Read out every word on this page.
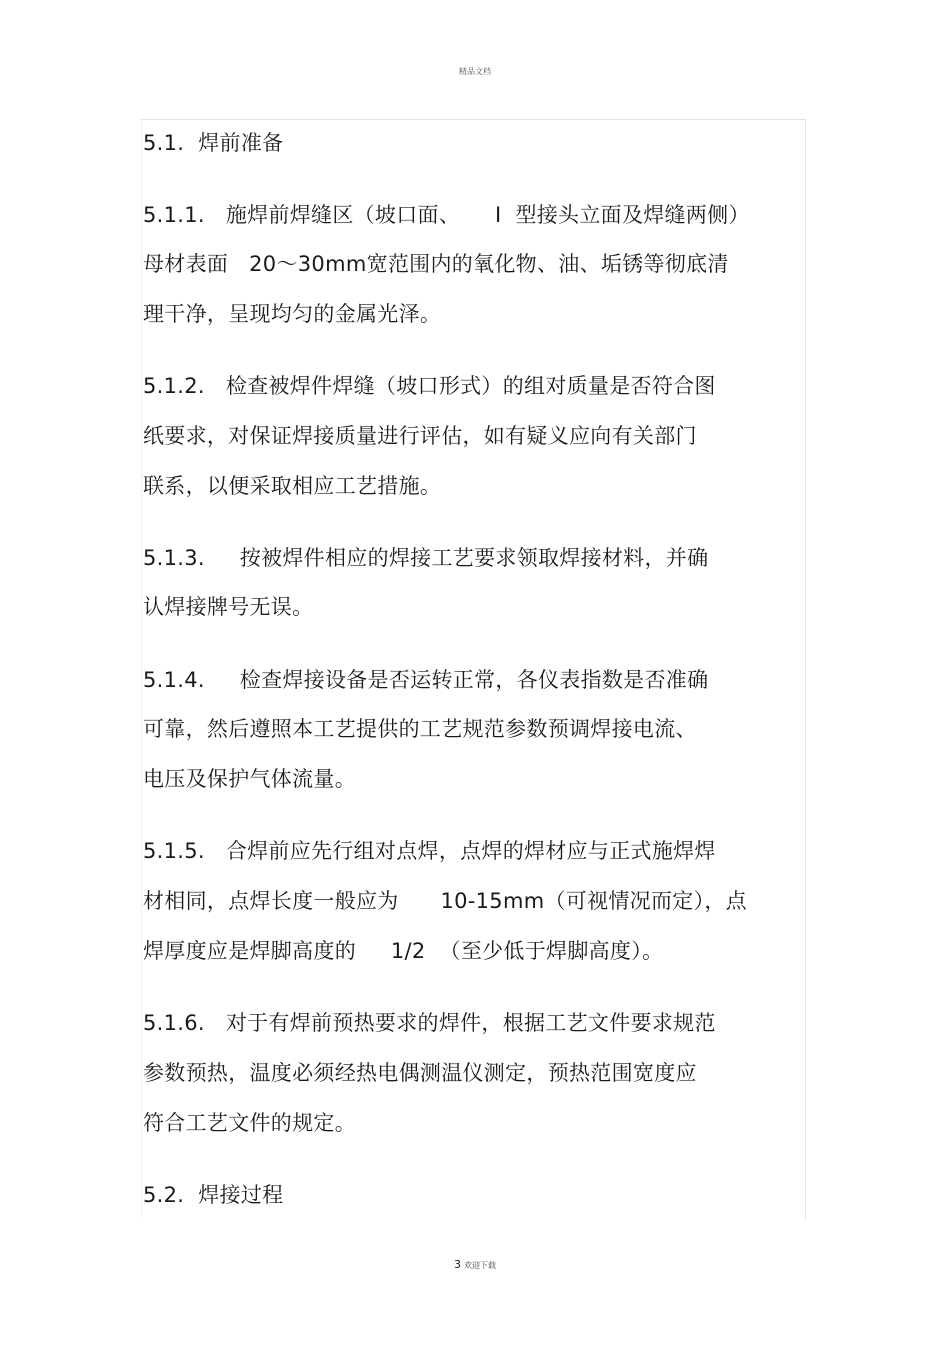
精品文档
5.1.  焊前准备
5.1.1.   施焊前焊缝区（坡口面、     I  型接头立面及焊缝两侧）
母材表面   20～30mm宽范围内的氧化物、油、垢锈等彻底清
理干净，呈现均匀的金属光泽。
5.1.2.   检查被焊件焊缝（坡口形式）的组对质量是否符合图
纸要求，对保证焊接质量进行评估，如有疑义应向有关部门
联系，以便采取相应工艺措施。
5.1.3.     按被焊件相应的焊接工艺要求领取焊接材料，并确
认焊接牌号无误。
5.1.4.     检查焊接设备是否运转正常，各仪表指数是否准确
可靠，然后遵照本工艺提供的工艺规范参数预调焊接电流、
电压及保护气体流量。
5.1.5.   合焊前应先行组对点焊，点焊的焊材应与正式施焊焊
材相同，点焊长度一般应为      10-15mm（可视情况而定），点
焊厚度应是焊脚高度的     1/2  （至少低于焊脚高度）。
5.1.6.   对于有焊前预热要求的焊件，根据工艺文件要求规范
参数预热，温度必须经热电偶测温仪测定，预热范围宽度应
符合工艺文件的规定。
5.2.  焊接过程
3 欢迎下载
